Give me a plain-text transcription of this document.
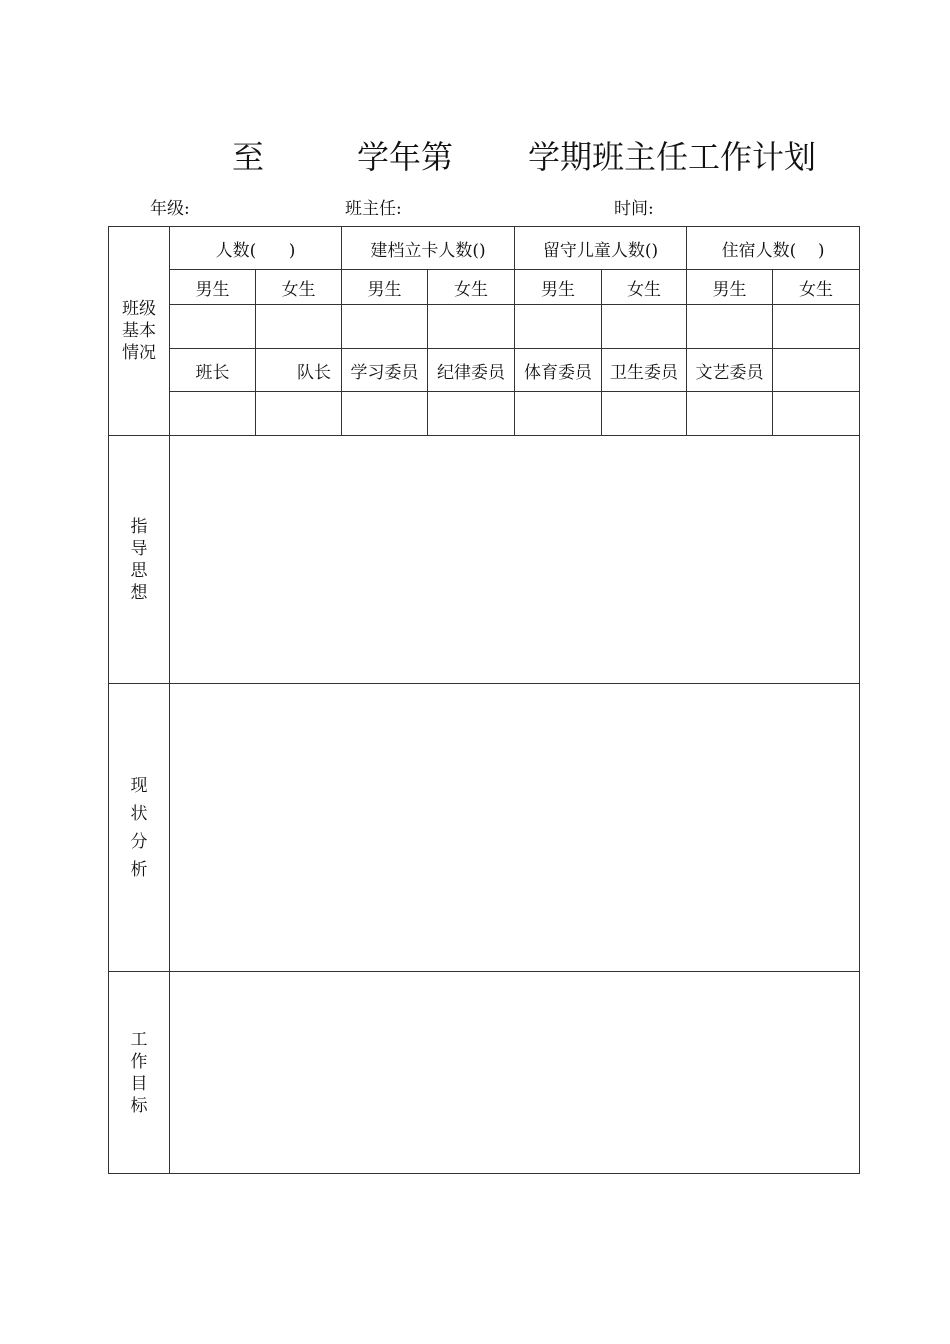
至	学年第 学期班主任工作计划
年级:	班主任:	时间:
班级
基本
情况	人数(      )		建档立卡人数()		留守儿童人数()		住宿人数(    )	
	男生	女生	男生	女生	男生	女生	男生	女生

	班长	队长	学习委员	纪律委员	体育委员	卫生委员	文艺委员	

指
导
思
想								

现
状
分
析								

工
作
目
标								
